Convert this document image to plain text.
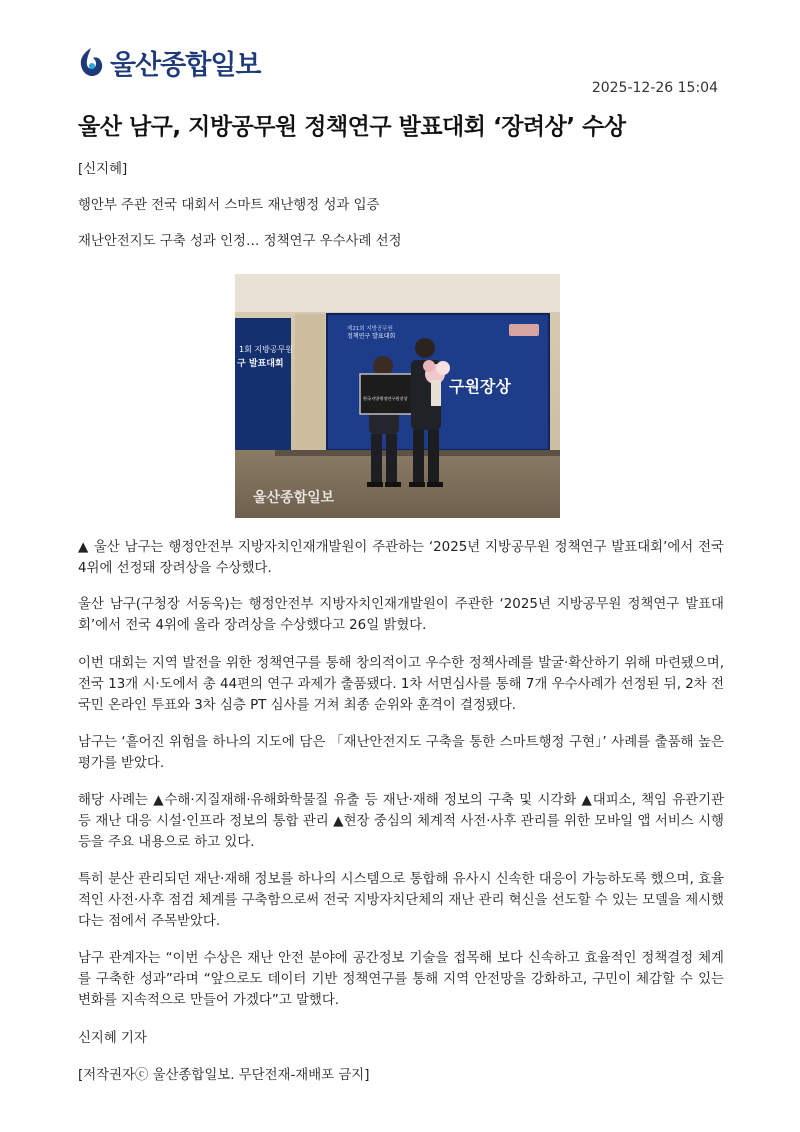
울산종합일보
2025-12-26 15:04
울산 남구, 지방공무원 정책연구 발표대회 ‘장려상’ 수상
[신지혜]
행안부 주관 전국 대회서 스마트 재난행정 성과 입증
재난안전지도 구축 성과 인정… 정책연구 우수사례 선정
1회 지방공무원
구 발표대회
제21회 지방공무원
정책연구 발표대회
구원장상
한국지방행정연구원장상
울산종합일보

▲ 울산 남구는 행정안전부 지방자치인재개발원이 주관하는 ‘2025년 지방공무원 정책연구 발표대회’에서 전국 4위에 선정돼 장려상을 수상했다.

울산 남구(구청장 서동욱)는 행정안전부 지방자치인재개발원이 주관한 ‘2025년 지방공무원 정책연구 발표대회’에서 전국 4위에 올라 장려상을 수상했다고 26일 밝혔다.

이번 대회는 지역 발전을 위한 정책연구를 통해 창의적이고 우수한 정책사례를 발굴·확산하기 위해 마련됐으며, 전국 13개 시·도에서 총 44편의 연구 과제가 출품됐다. 1차 서면심사를 통해 7개 우수사례가 선정된 뒤, 2차 전 국민 온라인 투표와 3차 심층 PT 심사를 거쳐 최종 순위와 훈격이 결정됐다.

남구는 ‘흩어진 위험을 하나의 지도에 담은 「재난안전지도 구축을 통한 스마트행정 구현」’ 사례를 출품해 높은 평가를 받았다.

해당 사례는 ▲수해·지질재해·유해화학물질 유출 등 재난·재해 정보의 구축 및 시각화 ▲대피소, 책임 유관기관 등 재난 대응 시설·인프라 정보의 통합 관리 ▲현장 중심의 체계적 사전·사후 관리를 위한 모바일 앱 서비스 시행 등을 주요 내용으로 하고 있다.

특히 분산 관리되던 재난·재해 정보를 하나의 시스템으로 통합해 유사시 신속한 대응이 가능하도록 했으며, 효율적인 사전·사후 점검 체계를 구축함으로써 전국 지방자치단체의 재난 관리 혁신을 선도할 수 있는 모델을 제시했다는 점에서 주목받았다.

남구 관계자는 “이번 수상은 재난 안전 분야에 공간정보 기술을 접목해 보다 신속하고 효율적인 정책결정 체계를 구축한 성과”라며 “앞으로도 데이터 기반 정책연구를 통해 지역 안전망을 강화하고, 구민이 체감할 수 있는 변화를 지속적으로 만들어 가겠다”고 말했다.

신지혜 기자
[저작권자ⓒ 울산종합일보. 무단전재-재배포 금지]
